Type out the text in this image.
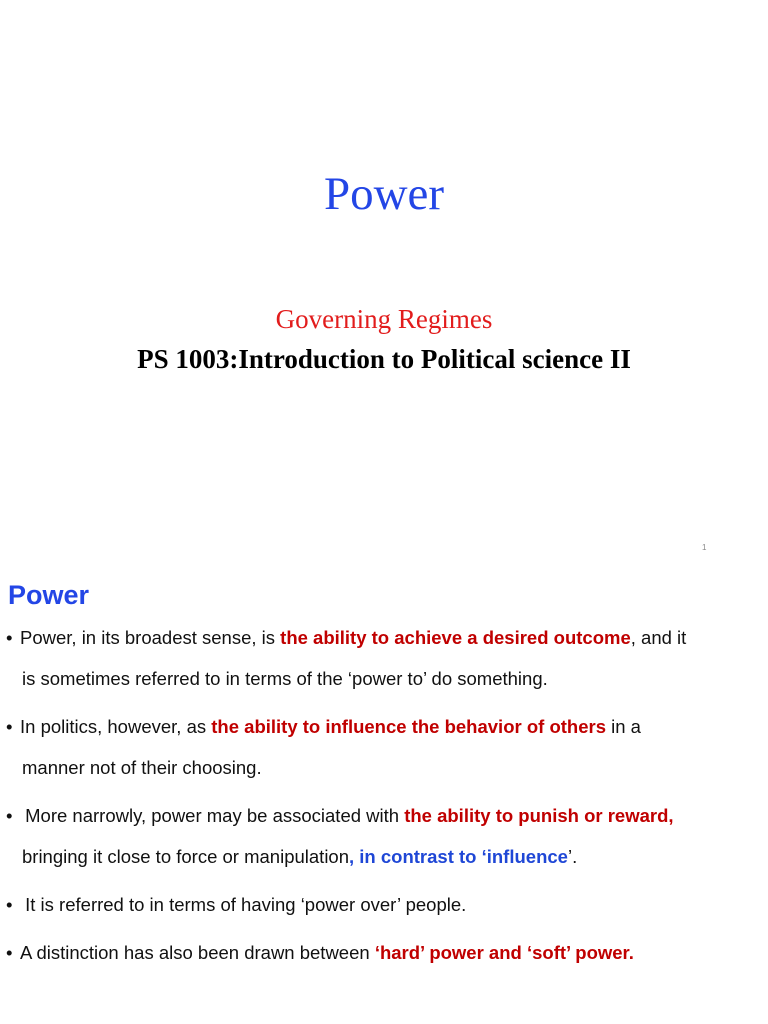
Power
Governing Regimes
PS 1003:Introduction to Political science II
1
Power
• Power, in its broadest sense, is the ability to achieve a desired outcome, and it
is sometimes referred to in terms of the ‘power to’ do something.
• In politics, however, as the ability to influence the behavior of others in a
manner not of their choosing.
• More narrowly, power may be associated with the ability to punish or reward,
bringing it close to force or manipulation, in contrast to ‘influence’.
• It is referred to in terms of having ‘power over’ people.
• A distinction has also been drawn between ‘hard’ power and ‘soft’ power.
